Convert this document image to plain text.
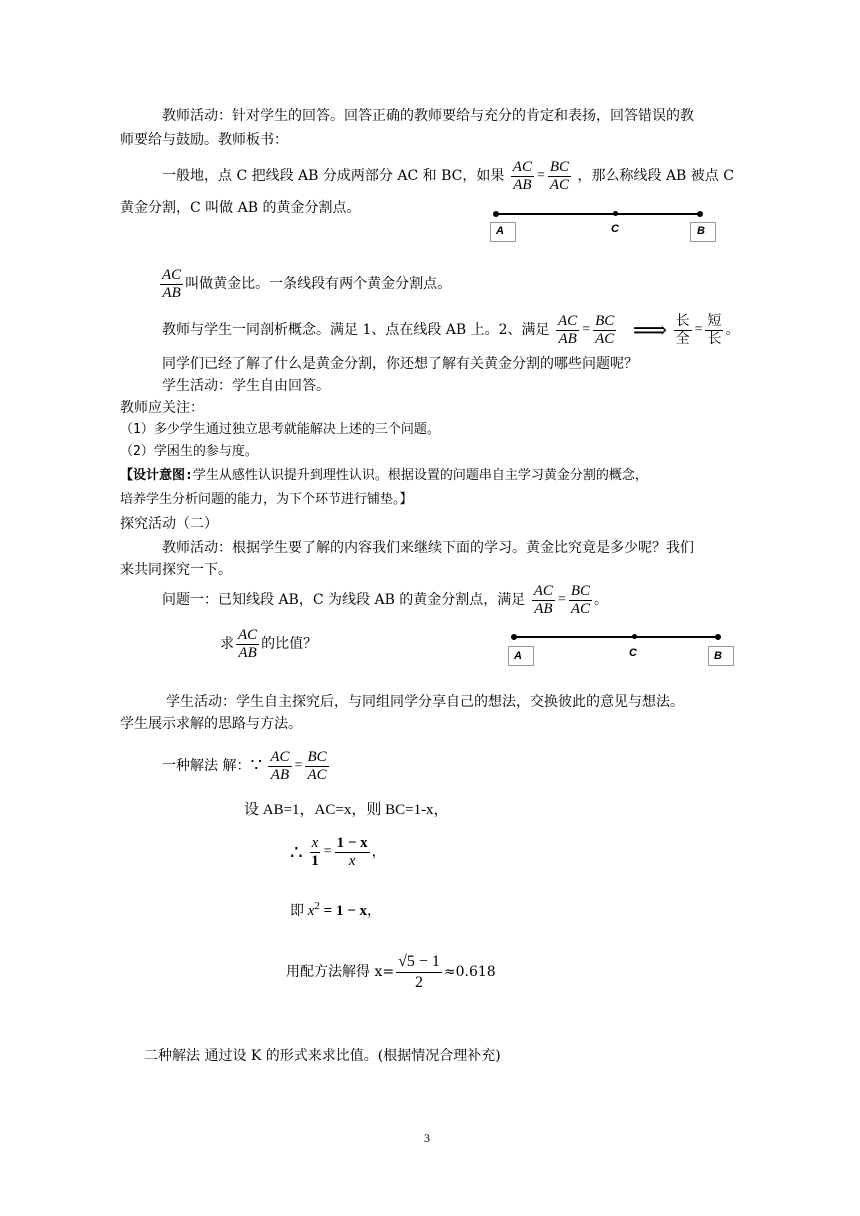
教师活动：针对学生的回答。回答正确的教师要给与充分的肯定和表扬，回答错误的教
师要给与鼓励。教师板书：
一般地，点 C 把线段 AB 分成两部分 AC 和 BC，如果 $\frac{AC}{AB} = \frac{BC}{AC}$ ，那么称线段 AB 被点 C
黄金分割，C 叫做 AB 的黄金分割点。
A	C	B
$\frac{AC}{AB}$ 叫做黄金比。一条线段有两个黄金分割点。
教师与学生一同剖析概念。满足 1、点在线段 AB 上。2、满足 $\frac{AC}{AB} = \frac{BC}{AC}$ ⟹ $\frac{\text{长}}{\text{全}} = \frac{\text{短}}{\text{长}}$ 。
同学们已经了解了什么是黄金分割，你还想了解有关黄金分割的哪些问题呢？
学生活动：学生自由回答。
教师应关注：
（1）多少学生通过独立思考就能解决上述的三个问题。
（2）学困生的参与度。
【设计意图:学生从感性认识提升到理性认识。根据设置的问题串自主学习黄金分割的概念，
培养学生分析问题的能力，为下个环节进行铺垫。】
探究活动（二）
教师活动：根据学生要了解的内容我们来继续下面的学习。黄金比究竟是多少呢？我们
来共同探究一下。
问题一：已知线段 AB，C 为线段 AB 的黄金分割点，满足 $\frac{AC}{AB} = \frac{BC}{AC}$ 。
求 $\frac{AC}{AB}$ 的比值？
A	C	B
学生活动：学生自主探究后，与同组同学分享自己的想法，交换彼此的意见与想法。
学生展示求解的思路与方法。
一种解法 解：∵ $\frac{AC}{AB} = \frac{BC}{AC}$
设 AB=1，AC=x，则 BC=1-x，
∴ $\frac{x}{1} = \frac{1 - x}{x}$ ，
即 $x^2 = 1 - x$，
用配方法解得 $x= \frac{√5 - 1}{2} \approx 0.618$
二种解法 通过设 K 的形式来求比值。(根据情况合理补充)
3
